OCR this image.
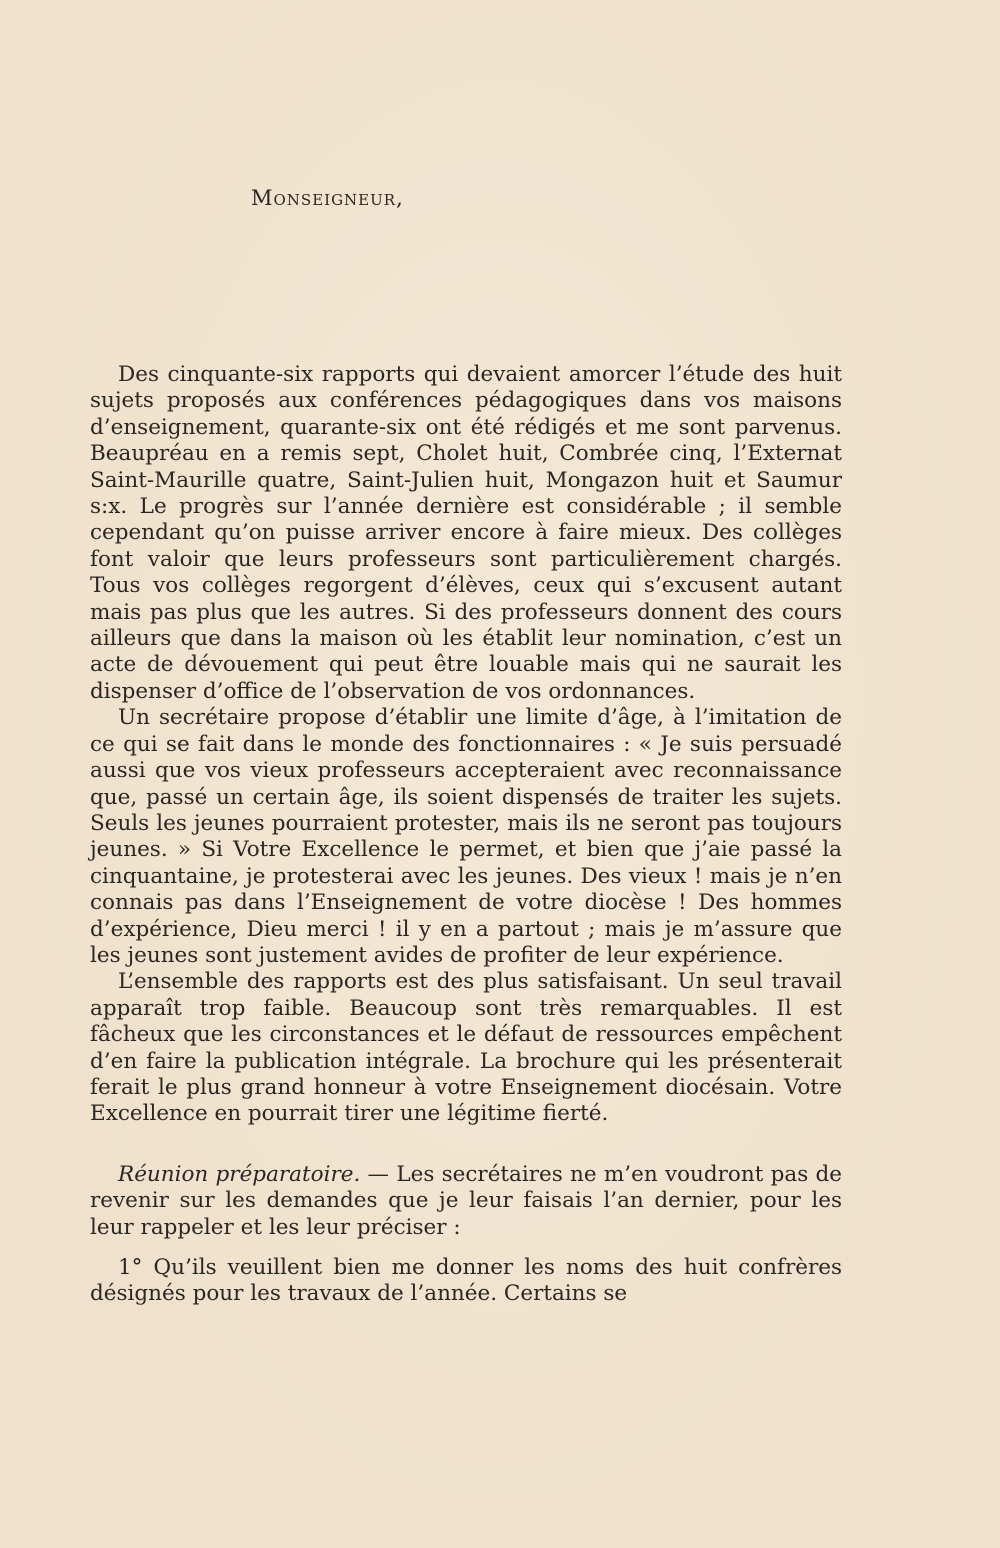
Monseigneur,

Des cinquante-six rapports qui devaient amorcer l’étude des huit sujets proposés aux conférences pédagogiques dans vos maisons d’enseignement, quarante-six ont été rédigés et me sont parvenus. Beaupréau en a remis sept, Cholet huit, Combrée cinq, l’Externat Saint-Maurille quatre, Saint-Julien huit, Mongazon huit et Saumur s:x. Le progrès sur l’année dernière est considérable ; il semble cependant qu’on puisse arriver encore à faire mieux. Des collèges font valoir que leurs professeurs sont particulièrement chargés. Tous vos collèges regorgent d’élèves, ceux qui s’excusent autant mais pas plus que les autres. Si des professeurs donnent des cours ailleurs que dans la maison où les établit leur nomination, c’est un acte de dévouement qui peut être louable mais qui ne saurait les dispenser d’office de l’observation de vos ordonnances.

Un secrétaire propose d’établir une limite d’âge, à l’imitation de ce qui se fait dans le monde des fonctionnaires : « Je suis persuadé aussi que vos vieux professeurs accepteraient avec reconnaissance que, passé un certain âge, ils soient dispensés de traiter les sujets. Seuls les jeunes pourraient protester, mais ils ne seront pas toujours jeunes. » Si Votre Excellence le permet, et bien que j’aie passé la cinquantaine, je protesterai avec les jeunes. Des vieux ! mais je n’en connais pas dans l’Enseignement de votre diocèse ! Des hommes d’expérience, Dieu merci ! il y en a partout ; mais je m’assure que les jeunes sont justement avides de profiter de leur expérience.

L’ensemble des rapports est des plus satisfaisant. Un seul travail apparaît trop faible. Beaucoup sont très remarquables. Il est fâcheux que les circonstances et le défaut de ressources empêchent d’en faire la publication intégrale. La brochure qui les présenterait ferait le plus grand honneur à votre Enseignement diocésain. Votre Excellence en pourrait tirer une légitime fierté.

Réunion préparatoire. — Les secrétaires ne m’en voudront pas de revenir sur les demandes que je leur faisais l’an dernier, pour les leur rappeler et les leur préciser :

1° Qu’ils veuillent bien me donner les noms des huit confrères désignés pour les travaux de l’année. Certains se
